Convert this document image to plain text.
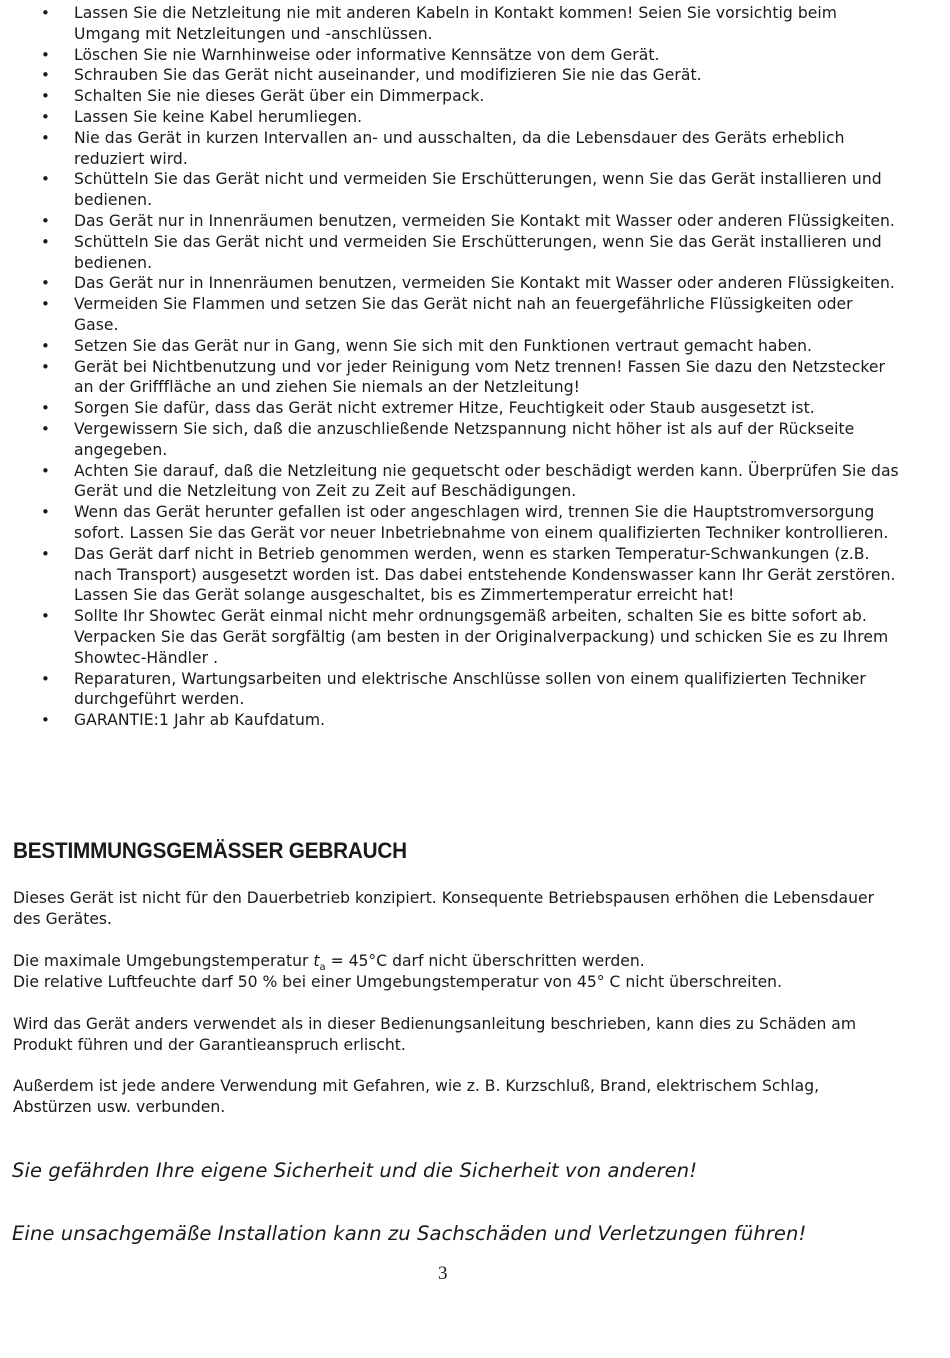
• Lassen Sie die Netzleitung nie mit anderen Kabeln in Kontakt kommen! Seien Sie vorsichtig beim Umgang mit Netzleitungen und -anschlüssen.
• Löschen Sie nie Warnhinweise oder informative Kennsätze von dem Gerät.
• Schrauben Sie das Gerät nicht auseinander, und modifizieren Sie nie das Gerät.
• Schalten Sie nie dieses Gerät über ein Dimmerpack.
• Lassen Sie keine Kabel herumliegen.
• Nie das Gerät in kurzen Intervallen an- und ausschalten, da die Lebensdauer des Geräts erheblich reduziert wird.
• Schütteln Sie das Gerät nicht und vermeiden Sie Erschütterungen, wenn Sie das Gerät installieren und bedienen.
• Das Gerät nur in Innenräumen benutzen, vermeiden Sie Kontakt mit Wasser oder anderen Flüssigkeiten.
• Schütteln Sie das Gerät nicht und vermeiden Sie Erschütterungen, wenn Sie das Gerät installieren und bedienen.
• Das Gerät nur in Innenräumen benutzen, vermeiden Sie Kontakt mit Wasser oder anderen Flüssigkeiten.
• Vermeiden Sie Flammen und setzen Sie das Gerät nicht nah an feuergefährliche Flüssigkeiten oder Gase.
• Setzen Sie das Gerät nur in Gang, wenn Sie sich mit den Funktionen vertraut gemacht haben.
• Gerät bei Nichtbenutzung und vor jeder Reinigung vom Netz trennen! Fassen Sie dazu den Netzstecker an der Grifffläche an und ziehen Sie niemals an der Netzleitung!
• Sorgen Sie dafür, dass das Gerät nicht extremer Hitze, Feuchtigkeit oder Staub ausgesetzt ist.
• Vergewissern Sie sich, daß die anzuschließende Netzspannung nicht höher ist als auf der Rückseite angegeben.
• Achten Sie darauf, daß die Netzleitung nie gequetscht oder beschädigt werden kann. Überprüfen Sie das Gerät und die Netzleitung von Zeit zu Zeit auf Beschädigungen.
• Wenn das Gerät herunter gefallen ist oder angeschlagen wird, trennen Sie die Hauptstromversorgung sofort. Lassen Sie das Gerät vor neuer Inbetriebnahme von einem qualifizierten Techniker kontrollieren.
• Das Gerät darf nicht in Betrieb genommen werden, wenn es starken Temperatur-Schwankungen (z.B. nach Transport) ausgesetzt worden ist. Das dabei entstehende Kondenswasser kann Ihr Gerät zerstören. Lassen Sie das Gerät solange ausgeschaltet, bis es Zimmertemperatur erreicht hat!
• Sollte Ihr Showtec Gerät einmal nicht mehr ordnungsgemäß arbeiten, schalten Sie es bitte sofort ab. Verpacken Sie das Gerät sorgfältig (am besten in der Originalverpackung) und schicken Sie es zu Ihrem Showtec-Händler .
• Reparaturen, Wartungsarbeiten und elektrische Anschlüsse sollen von einem qualifizierten Techniker durchgeführt werden.
• GARANTIE:1 Jahr ab Kaufdatum.
BESTIMMUNGSGEMÄSSER GEBRAUCH

Dieses Gerät ist nicht für den Dauerbetrieb konzipiert. Konsequente Betriebspausen erhöhen die Lebensdauer des Gerätes.

Die maximale Umgebungstemperatur $t_a = 45^\circ C$ darf nicht überschritten werden.

Die relative Luftfeuchte darf 50 % bei einer Umgebungstemperatur von 45° C nicht überschreiten.

Wird das Gerät anders verwendet als in dieser Bedienungsanleitung beschrieben, kann dies zu Schäden am Produkt führen und der Garantieanspruch erlischt.

Außerdem ist jede andere Verwendung mit Gefahren, wie z. B. Kurzschluß, Brand, elektrischem Schlag, Abstürzen usw. verbunden.

Sie gefährden Ihre eigene Sicherheit und die Sicherheit von anderen!

Eine unsachgemäße Installation kann zu Sachschäden und Verletzungen führen!

3
